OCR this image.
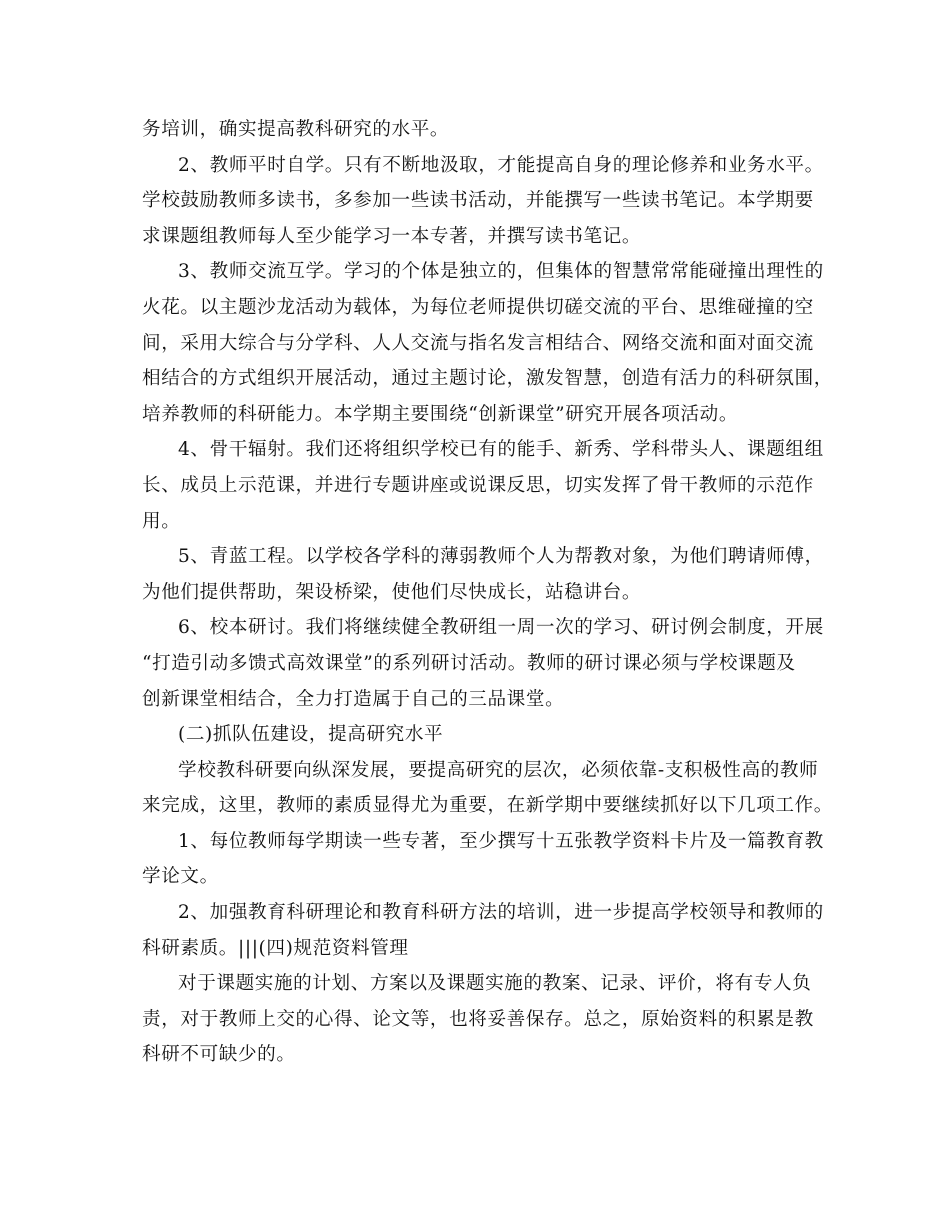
务培训，确实提高教科研究的水平。
2、教师平时自学。只有不断地汲取，才能提高自身的理论修养和业务水平。
学校鼓励教师多读书，多参加一些读书活动，并能撰写一些读书笔记。本学期要
求课题组教师每人至少能学习一本专著，并撰写读书笔记。
3、教师交流互学。学习的个体是独立的，但集体的智慧常常能碰撞出理性的
火花。以主题沙龙活动为载体，为每位老师提供切磋交流的平台、思维碰撞的空
间，采用大综合与分学科、人人交流与指名发言相结合、网络交流和面对面交流
相结合的方式组织开展活动，通过主题讨论，激发智慧，创造有活力的科研氛围，
培养教师的科研能力。本学期主要围绕“创新课堂”研究开展各项活动。
4、骨干辐射。我们还将组织学校已有的能手、新秀、学科带头人、课题组组
长、成员上示范课，并进行专题讲座或说课反思，切实发挥了骨干教师的示范作
用。
5、青蓝工程。以学校各学科的薄弱教师个人为帮教对象，为他们聘请师傅，
为他们提供帮助，架设桥梁，使他们尽快成长，站稳讲台。
6、校本研讨。我们将继续健全教研组一周一次的学习、研讨例会制度，开展
“打造引动多馈式高效课堂”的系列研讨活动。教师的研讨课必须与学校课题及
创新课堂相结合，全力打造属于自己的三品课堂。
(二)抓队伍建设，提高研究水平
学校教科研要向纵深发展，要提高研究的层次，必须依靠-支积极性高的教师
来完成，这里，教师的素质显得尤为重要，在新学期中要继续抓好以下几项工作。
1、每位教师每学期读一些专著，至少撰写十五张教学资料卡片及一篇教育教
学论文。
2、加强教育科研理论和教育科研方法的培训，进一步提高学校领导和教师的
科研素质。|||(四)规范资料管理
对于课题实施的计划、方案以及课题实施的教案、记录、评价，将有专人负
责，对于教师上交的心得、论文等，也将妥善保存。总之，原始资料的积累是教
科研不可缺少的。
